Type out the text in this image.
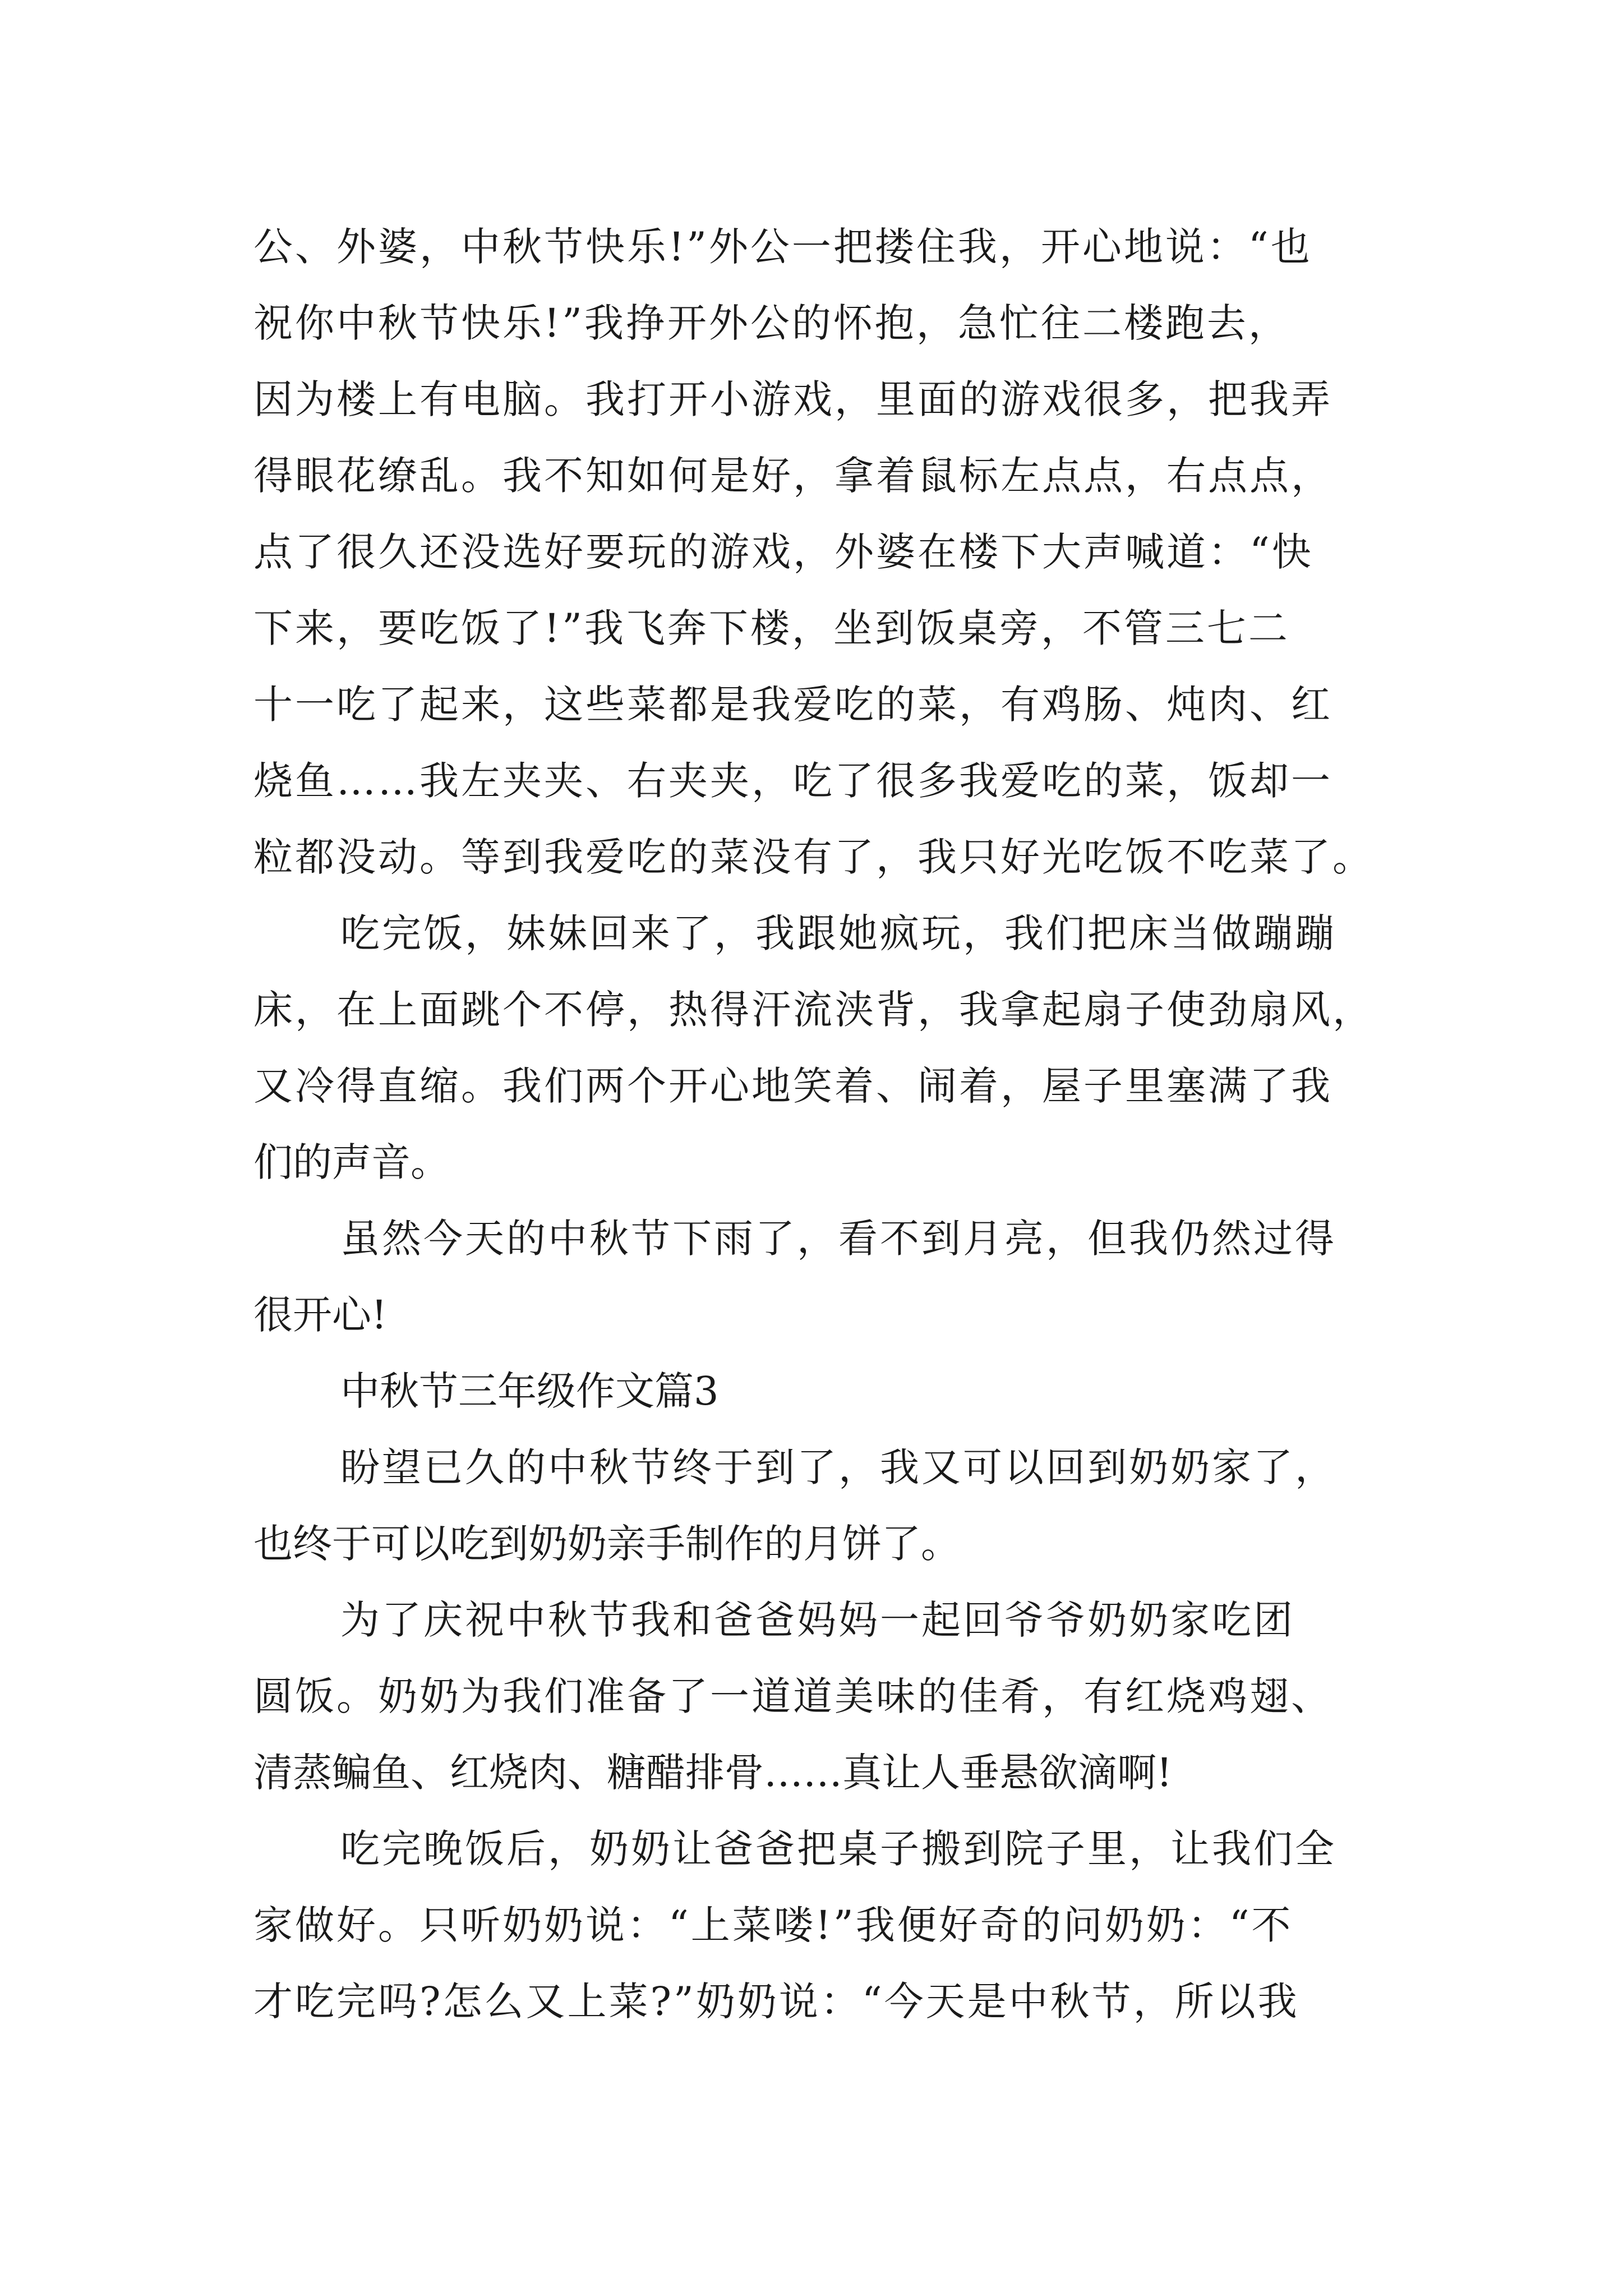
公、外婆，中秋节快乐!”外公一把搂住我，开心地说：“也
祝你中秋节快乐!”我挣开外公的怀抱，急忙往二楼跑去，
因为楼上有电脑。我打开小游戏，里面的游戏很多，把我弄
得眼花缭乱。我不知如何是好，拿着鼠标左点点，右点点，
点了很久还没选好要玩的游戏，外婆在楼下大声喊道：“快
下来，要吃饭了!”我飞奔下楼，坐到饭桌旁，不管三七二
十一吃了起来，这些菜都是我爱吃的菜，有鸡肠、炖肉、红
烧鱼……我左夹夹、右夹夹，吃了很多我爱吃的菜，饭却一
粒都没动。等到我爱吃的菜没有了，我只好光吃饭不吃菜了。
吃完饭，妹妹回来了，我跟她疯玩，我们把床当做蹦蹦
床，在上面跳个不停，热得汗流浃背，我拿起扇子使劲扇风，
又冷得直缩。我们两个开心地笑着、闹着，屋子里塞满了我
们的声音。
虽然今天的中秋节下雨了，看不到月亮，但我仍然过得
很开心!
中秋节三年级作文篇3
盼望已久的中秋节终于到了，我又可以回到奶奶家了，
也终于可以吃到奶奶亲手制作的月饼了。
为了庆祝中秋节我和爸爸妈妈一起回爷爷奶奶家吃团
圆饭。奶奶为我们准备了一道道美味的佳肴，有红烧鸡翅、
清蒸鳊鱼、红烧肉、糖醋排骨……真让人垂悬欲滴啊!
吃完晚饭后，奶奶让爸爸把桌子搬到院子里，让我们全
家做好。只听奶奶说：“上菜喽!”我便好奇的问奶奶：“不
才吃完吗?怎么又上菜?”奶奶说：“今天是中秋节，所以我
